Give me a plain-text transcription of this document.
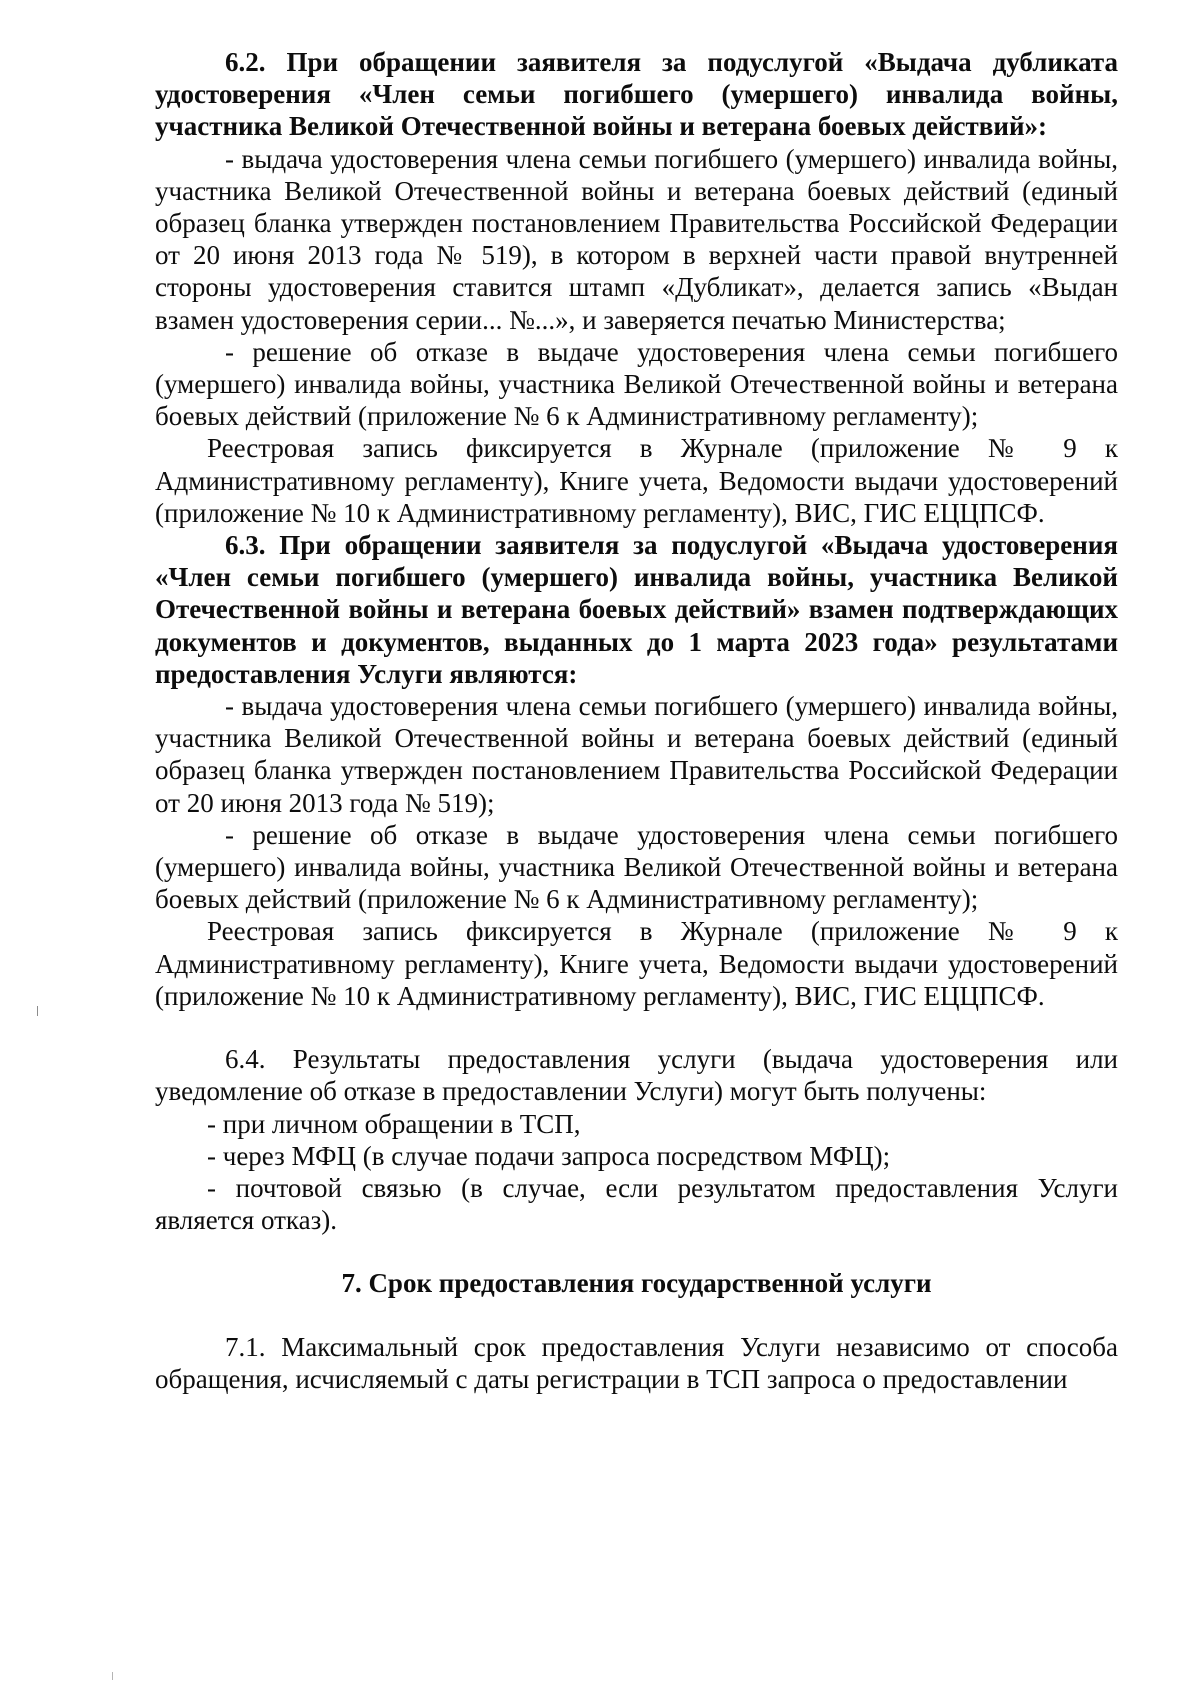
6.2. При обращении заявителя за подуслугой «Выдача дубликата удостоверения «Член семьи погибшего (умершего) инвалида войны, участника Великой Отечественной войны и ветерана боевых действий»:

- выдача удостоверения члена семьи погибшего (умершего) инвалида войны, участника Великой Отечественной войны и ветерана боевых действий (единый образец бланка утвержден постановлением Правительства Российской Федерации от 20 июня 2013 года № 519), в котором в верхней части правой внутренней стороны удостоверения ставится штамп «Дубликат», делается запись «Выдан взамен удостоверения серии... №...», и заверяется печатью Министерства;

- решение об отказе в выдаче удостоверения члена семьи погибшего (умершего) инвалида войны, участника Великой Отечественной войны и ветерана боевых действий (приложение № 6 к Административному регламенту);

Реестровая запись фиксируется в Журнале (приложение № 9 к Административному регламенту), Книге учета, Ведомости выдачи удостоверений (приложение № 10 к Административному регламенту), ВИС, ГИС ЕЦЦПСФ.

6.3. При обращении заявителя за подуслугой «Выдача удостоверения «Член семьи погибшего (умершего) инвалида войны, участника Великой Отечественной войны и ветерана боевых действий» взамен подтверждающих документов и документов, выданных до 1 марта 2023 года» результатами предоставления Услуги являются:

- выдача удостоверения члена семьи погибшего (умершего) инвалида войны, участника Великой Отечественной войны и ветерана боевых действий (единый образец бланка утвержден постановлением Правительства Российской Федерации от 20 июня 2013 года № 519);

- решение об отказе в выдаче удостоверения члена семьи погибшего (умершего) инвалида войны, участника Великой Отечественной войны и ветерана боевых действий (приложение № 6 к Административному регламенту);

Реестровая запись фиксируется в Журнале (приложение № 9 к Административному регламенту), Книге учета, Ведомости выдачи удостоверений (приложение № 10 к Административному регламенту), ВИС, ГИС ЕЦЦПСФ.

6.4. Результаты предоставления услуги (выдача удостоверения или уведомление об отказе в предоставлении Услуги) могут быть получены:

- при личном обращении в ТСП,

- через МФЦ (в случае подачи запроса посредством МФЦ);

- почтовой связью (в случае, если результатом предоставления Услуги является отказ).

7. Срок предоставления государственной услуги

7.1. Максимальный срок предоставления Услуги независимо от способа обращения, исчисляемый с даты регистрации в ТСП запроса о предоставлении
